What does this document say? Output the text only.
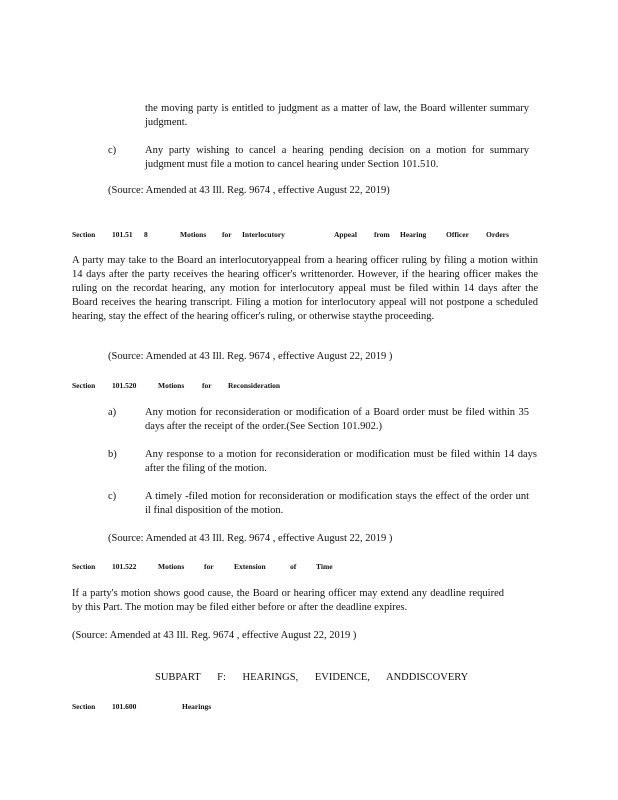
the moving party is entitled to judgment as a matter of law, the Board willenter summary judgment.

c)	Any party wishing to cancel a hearing pending decision on a motion for summary judgment must file a motion to cancel hearing under Section 101.510.

(Source: Amended at 43 Ill. Reg. 9674 , effective August 22, 2019)
Section 101.51 8	Motions for Interlocutory	Appeal from Hearing	Officer Orders

A party may take to the Board an interlocutoryappeal from a hearing officer ruling by filing a motion within 14 days after the party receives the hearing officer's writtenorder. However, if the hearing officer makes the ruling on the recordat hearing, any motion for interlocutory appeal must be filed within 14 days after the Board receives the hearing transcript. Filing a motion for interlocutory appeal will not postpone a scheduled hearing, stay the effect of the hearing officer's ruling, or otherwise staythe proceeding.

(Source: Amended at 43 Ill. Reg. 9674 , effective August 22, 2019 )
Section 101.520	Motions for Reconsideration
a)	Any motion for reconsideration or modification of a Board order must be filed within 35 days after the receipt of the order.(See Section 101.902.)

b)	Any response to a motion for reconsideration or modification must be filed within 14 days after the filing of the motion.

c)	A timely -filed motion for reconsideration or modification stays the effect of the order unt il final disposition of the motion.

(Source: Amended at 43 Ill. Reg. 9674 , effective August 22, 2019 )
Section 101.522	Motions	for	Extension	of	Time

If a party's motion shows good cause, the Board or hearing officer may extend any deadline required by this Part. The motion may be filed either before or after the deadline expires.

(Source: Amended at 43 Ill. Reg. 9674 , effective August 22, 2019 )
SUBPART F: HEARINGS, EVIDENCE, ANDDISCOVERY
Section 101.600	Hearings
